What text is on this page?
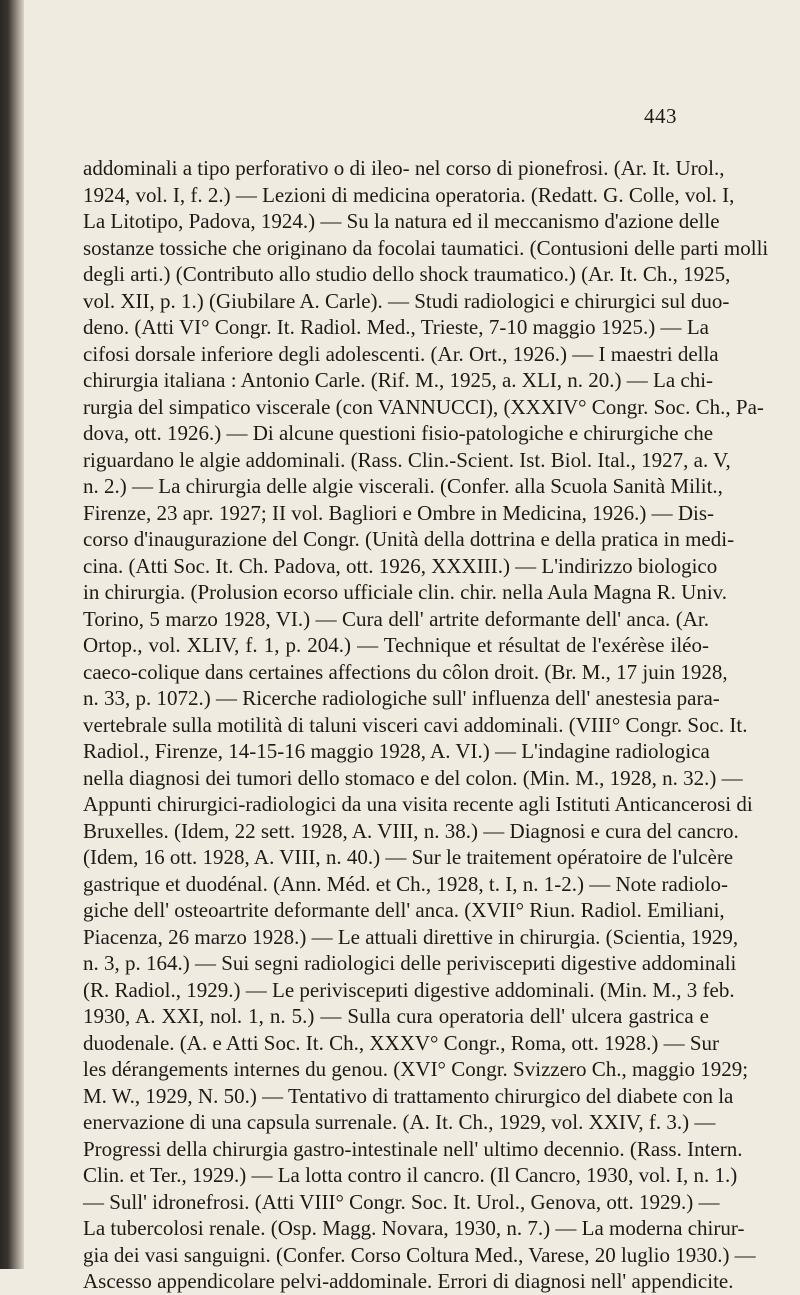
443
addominali a tipo perforativo o di ileo- nel corso di pionefrosi. (Ar. It. Urol.,
1924, vol. I, f. 2.) — Lezioni di medicina operatoria. (Redatt. G. Colle, vol. I,
La Litotipo, Padova, 1924.) — Su la natura ed il meccanismo d'azione delle
sostanze tossiche che originano da focolai taumatici. (Contusioni delle parti molli
degli arti.) (Contributo allo studio dello shock traumatico.) (Ar. It. Ch., 1925,
vol. XII, p. 1.) (Giubilare A. Carle). — Studi radiologici e chirurgici sul duo-
deno. (Atti VI° Congr. It. Radiol. Med., Trieste, 7-10 maggio 1925.) — La
cifosi dorsale inferiore degli adolescenti. (Ar. Ort., 1926.) — I maestri della
chirurgia italiana : Antonio Carle. (Rif. M., 1925, a. XLI, n. 20.) — La chi-
rurgia del simpatico viscerale (con VANNUCCI), (XXXIV° Congr. Soc. Ch., Pa-
dova, ott. 1926.) — Di alcune questioni fisio-patologiche e chirurgiche che
riguardano le algie addominali. (Rass. Clin.-Scient. Ist. Biol. Ital., 1927, a. V,
n. 2.) — La chirurgia delle algie viscerali. (Confer. alla Scuola Sanità Milit.,
Firenze, 23 apr. 1927; II vol. Bagliori e Ombre in Medicina, 1926.) — Dis-
corso d'inaugurazione del Congr. (Unità della dottrina e della pratica in medi-
cina. (Atti Soc. It. Ch. Padova, ott. 1926, XXXIII.) — L'indirizzo biologico
in chirurgia. (Prolusion ecorso ufficiale clin. chir. nella Aula Magna R. Univ.
Torino, 5 marzo 1928, VI.) — Cura dell' artrite deformante dell' anca. (Ar.
Ortop., vol. XLIV, f. 1, p. 204.) — Technique et résultat de l'exérèse iléo-
caeco-colique dans certaines affections du côlon droit. (Br. M., 17 juin 1928,
n. 33, p. 1072.) — Ricerche radiologiche sull' influenza dell' anestesia para-
vertebrale sulla motilità di taluni visceri cavi addominali. (VIII° Congr. Soc. It.
Radiol., Firenze, 14-15-16 maggio 1928, A. VI.) — L'indagine radiologica
nella diagnosi dei tumori dello stomaco e del colon. (Min. M., 1928, n. 32.) —
Appunti chirurgici-radiologici da una visita recente agli Istituti Anticancerosi di
Bruxelles. (Idem, 22 sett. 1928, A. VIII, n. 38.) — Diagnosi e cura del cancro.
(Idem, 16 ott. 1928, A. VIII, n. 40.) — Sur le traitement opératoire de l'ulcère
gastrique et duodénal. (Ann. Méd. et Ch., 1928, t. I, n. 1-2.) — Note radiolo-
giche dell' osteoartrite deformante dell' anca. (XVII° Riun. Radiol. Emiliani,
Piacenza, 26 marzo 1928.) — Le attuali direttive in chirurgia. (Scientia, 1929,
n. 3, p. 164.) — Sui segni radiologici delle periviscериti digestive addominali
(R. Radiol., 1929.) — Le periviscериti digestive addominali. (Min. M., 3 feb.
1930, A. XXI, nol. 1, n. 5.) — Sulla cura operatoria dell' ulcera gastrica e
duodenale. (A. e Atti Soc. It. Ch., XXXV° Congr., Roma, ott. 1928.) — Sur
les dérangements internes du genou. (XVI° Congr. Svizzero Ch., maggio 1929;
M. W., 1929, N. 50.) — Tentativo di trattamento chirurgico del diabete con la
enervazione di una capsula surrenale. (A. It. Ch., 1929, vol. XXIV, f. 3.) —
Progressi della chirurgia gastro-intestinale nell' ultimo decennio. (Rass. Intern.
Clin. et Ter., 1929.) — La lotta contro il cancro. (Il Cancro, 1930, vol. I, n. 1.)
— Sull' idronefrosi. (Atti VIII° Congr. Soc. It. Urol., Genova, ott. 1929.) —
La tubercolosi renale. (Osp. Magg. Novara, 1930, n. 7.) — La moderna chirur-
gia dei vasi sanguigni. (Confer. Corso Coltura Med., Varese, 20 luglio 1930.) —
Ascesso appendicolare pelvi-addominale. Errori di diagnosi nell' appendicite.
